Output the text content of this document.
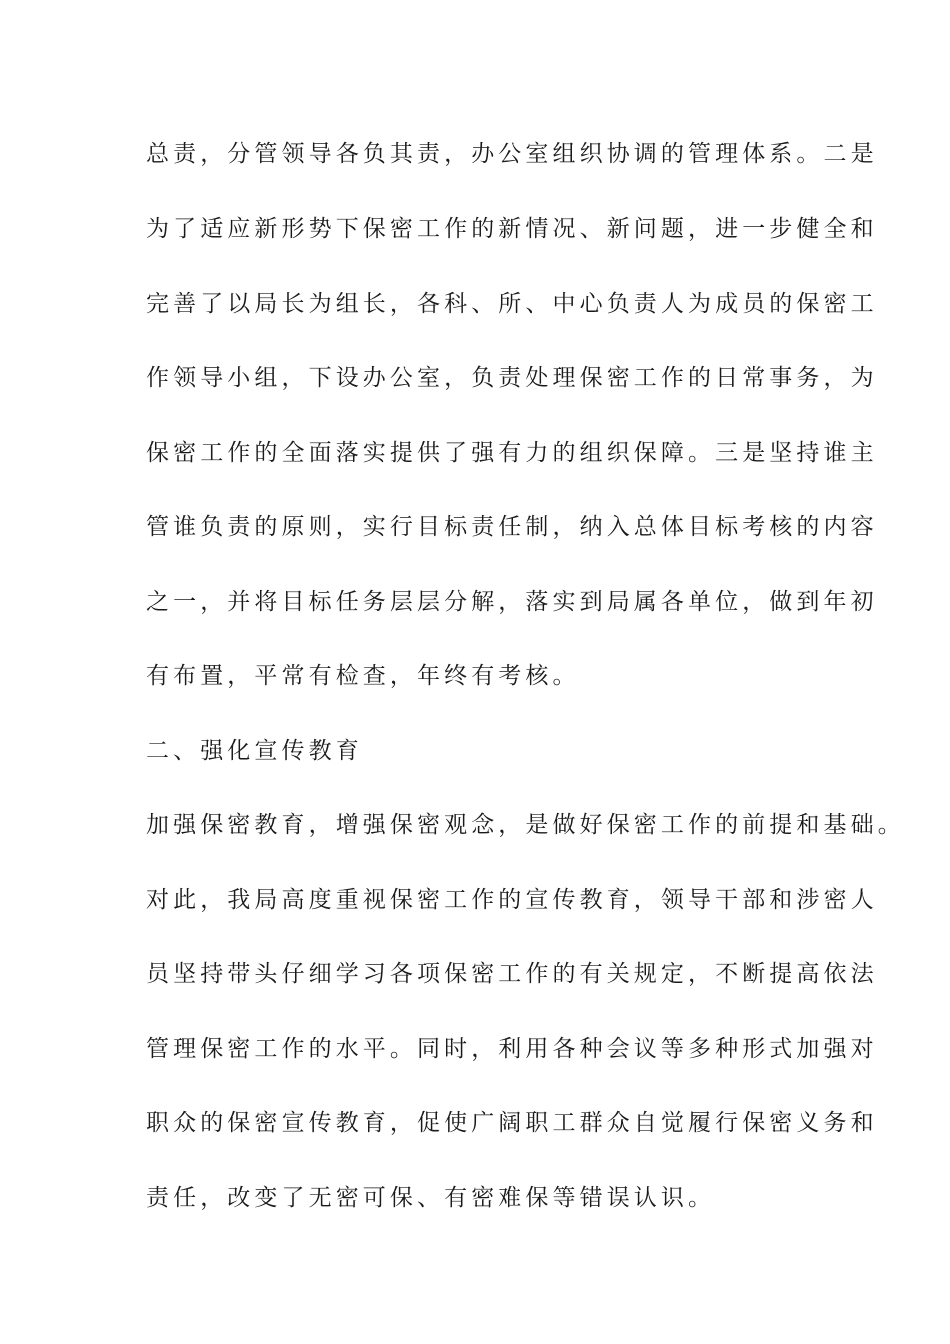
总责，分管领导各负其责，办公室组织协调的管理体系。二是
为了适应新形势下保密工作的新情况、新问题，进一步健全和
完善了以局长为组长，各科、所、中心负责人为成员的保密工
作领导小组，下设办公室，负责处理保密工作的日常事务，为
保密工作的全面落实提供了强有力的组织保障。三是坚持谁主
管谁负责的原则，实行目标责任制，纳入总体目标考核的内容
之一，并将目标任务层层分解，落实到局属各单位，做到年初
有布置，平常有检查，年终有考核。
二、强化宣传教育
加强保密教育，增强保密观念，是做好保密工作的前提和基础。
对此，我局高度重视保密工作的宣传教育，领导干部和涉密人
员坚持带头仔细学习各项保密工作的有关规定，不断提高依法
管理保密工作的水平。同时，利用各种会议等多种形式加强对
职众的保密宣传教育，促使广阔职工群众自觉履行保密义务和
责任，改变了无密可保、有密难保等错误认识。
